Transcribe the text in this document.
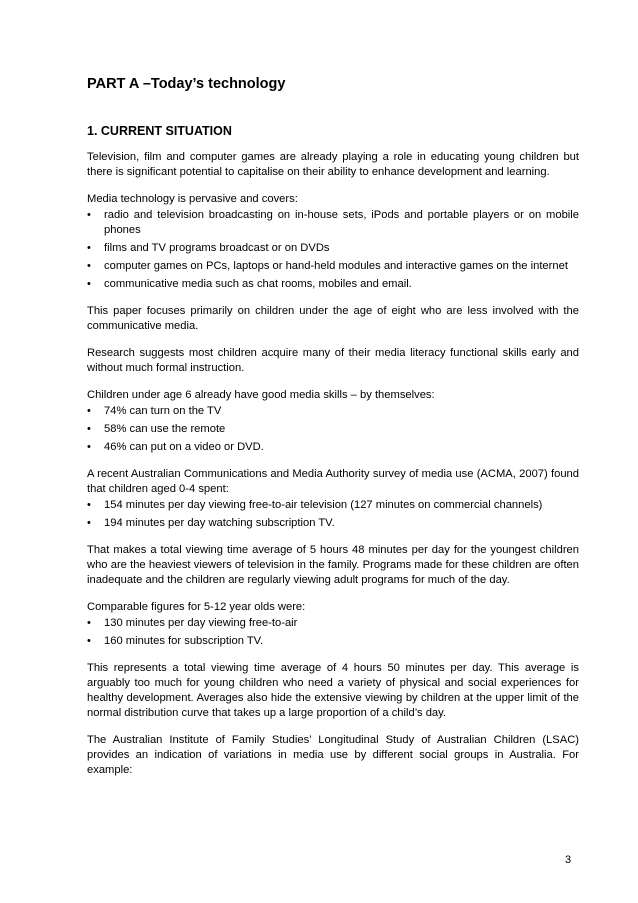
PART A –Today’s technology
1. CURRENT SITUATION

Television, film and computer games are already playing a role in educating young children but there is significant potential to capitalise on their ability to enhance development and learning.

Media technology is pervasive and covers:

•	radio and television broadcasting on in-house sets, iPods and portable players or on mobile phones
•	films and TV programs broadcast or on DVDs
•	computer games on PCs, laptops or hand-held modules and interactive games on the internet
•	communicative media such as chat rooms, mobiles and email.

This paper focuses primarily on children under the age of eight who are less involved with the communicative media.

Research suggests most children acquire many of their media literacy functional skills early and without much formal instruction.

Children under age 6 already have good media skills – by themselves:

•	74% can turn on the TV
•	58% can use the remote
•	46% can put on a video or DVD.

A recent Australian Communications and Media Authority survey of media use (ACMA, 2007) found that children aged 0-4 spent:

•	154 minutes per day viewing free-to-air television (127 minutes on commercial channels)
•	194 minutes per day watching subscription TV.

That makes a total viewing time average of 5 hours 48 minutes per day for the youngest children who are the heaviest viewers of television in the family. Programs made for these children are often inadequate and the children are regularly viewing adult programs for much of the day.

Comparable figures for 5-12 year olds were:

•	130 minutes per day viewing free-to-air
•	160 minutes for subscription TV.

This represents a total viewing time average of 4 hours 50 minutes per day. This average is arguably too much for young children who need a variety of physical and social experiences for healthy development. Averages also hide the extensive viewing by children at the upper limit of the normal distribution curve that takes up a large proportion of a child’s day.

The Australian Institute of Family Studies’ Longitudinal Study of Australian Children (LSAC) provides an indication of variations in media use by different social groups in Australia. For example:

3
